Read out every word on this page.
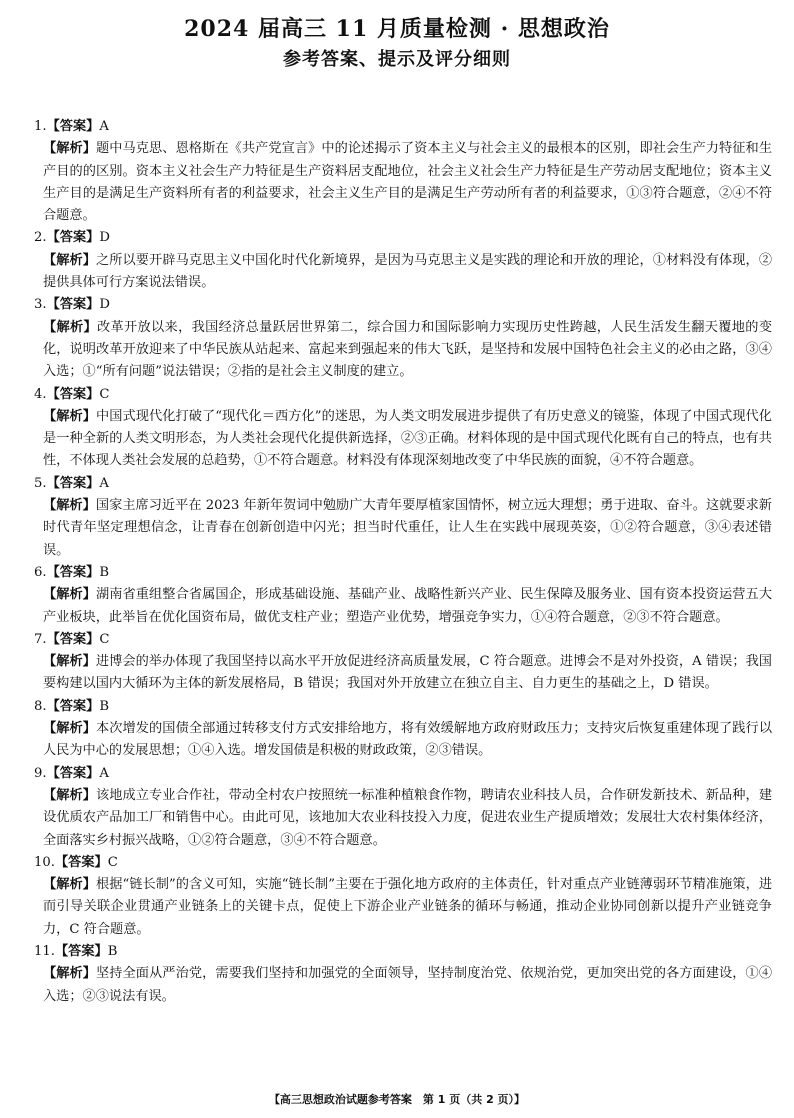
2024 届高三 11 月质量检测 · 思想政治
参考答案、提示及评分细则
1.【答案】A
【解析】题中马克思、恩格斯在《共产党宣言》中的论述揭示了资本主义与社会主义的最根本的区别，即社会生产力特征和生产目的的区别。资本主义社会生产力特征是生产资料居支配地位，社会主义社会生产力特征是生产劳动居支配地位；资本主义生产目的是满足生产资料所有者的利益要求，社会主义生产目的是满足生产劳动所有者的利益要求，①③符合题意，②④不符合题意。
2.【答案】D
【解析】之所以要开辟马克思主义中国化时代化新境界，是因为马克思主义是实践的理论和开放的理论，①材料没有体现，②提供具体可行方案说法错误。
3.【答案】D
【解析】改革开放以来，我国经济总量跃居世界第二，综合国力和国际影响力实现历史性跨越，人民生活发生翻天覆地的变化，说明改革开放迎来了中华民族从站起来、富起来到强起来的伟大飞跃，是坚持和发展中国特色社会主义的必由之路，③④入选；①“所有问题”说法错误；②指的是社会主义制度的建立。
4.【答案】C
【解析】中国式现代化打破了“现代化＝西方化”的迷思，为人类文明发展进步提供了有历史意义的镜鉴，体现了中国式现代化是一种全新的人类文明形态，为人类社会现代化提供新选择，②③正确。材料体现的是中国式现代化既有自己的特点，也有共性，不体现人类社会发展的总趋势，①不符合题意。材料没有体现深刻地改变了中华民族的面貌，④不符合题意。
5.【答案】A
【解析】国家主席习近平在 2023 年新年贺词中勉励广大青年要厚植家国情怀，树立远大理想；勇于进取、奋斗。这就要求新时代青年坚定理想信念，让青春在创新创造中闪光；担当时代重任，让人生在实践中展现英姿，①②符合题意，③④表述错误。
6.【答案】B
【解析】湖南省重组整合省属国企，形成基础设施、基础产业、战略性新兴产业、民生保障及服务业、国有资本投资运营五大产业板块，此举旨在优化国资布局，做优支柱产业；塑造产业优势，增强竞争实力，①④符合题意，②③不符合题意。
7.【答案】C
【解析】进博会的举办体现了我国坚持以高水平开放促进经济高质量发展，C 符合题意。进博会不是对外投资，A 错误；我国要构建以国内大循环为主体的新发展格局，B 错误；我国对外开放建立在独立自主、自力更生的基础之上，D 错误。
8.【答案】B
【解析】本次增发的国债全部通过转移支付方式安排给地方，将有效缓解地方政府财政压力；支持灾后恢复重建体现了践行以人民为中心的发展思想；①④入选。增发国债是积极的财政政策，②③错误。
9.【答案】A
【解析】该地成立专业合作社，带动全村农户按照统一标准种植粮食作物，聘请农业科技人员，合作研发新技术、新品种，建设优质农产品加工厂和销售中心。由此可见，该地加大农业科技投入力度，促进农业生产提质增效；发展壮大农村集体经济，全面落实乡村振兴战略，①②符合题意，③④不符合题意。
10.【答案】C
【解析】根据“链长制”的含义可知，实施“链长制”主要在于强化地方政府的主体责任，针对重点产业链薄弱环节精准施策，进而引导关联企业贯通产业链条上的关键卡点，促使上下游企业产业链条的循环与畅通，推动企业协同创新以提升产业链竞争力，C 符合题意。
11.【答案】B
【解析】坚持全面从严治党，需要我们坚持和加强党的全面领导，坚持制度治党、依规治党，更加突出党的各方面建设，①④入选；②③说法有误。
【高三思想政治试题参考答案　第 1 页（共 2 页）】
